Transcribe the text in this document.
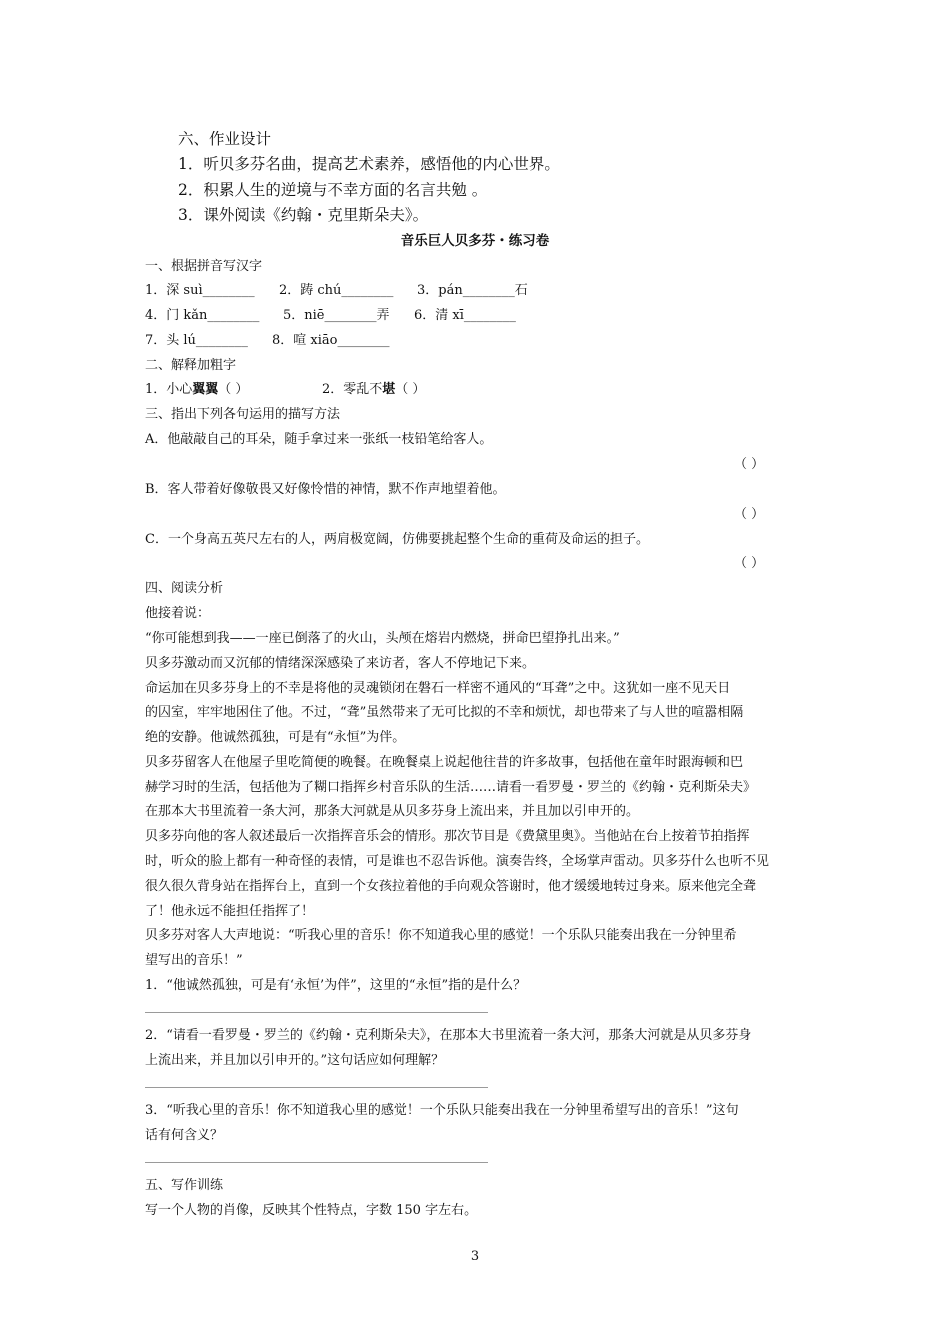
六、作业设计
1．听贝多芬名曲，提高艺术素养，感悟他的内心世界。
2．积累人生的逆境与不幸方面的名言共勉 。
3．课外阅读《约翰・克里斯朵夫》。
音乐巨人贝多芬・练习卷
一、根据拼音写汉字
1．深 suì________ 2．踌 chú________ 3．pán________石
4．门 kǎn________ 5．niē________弄 6．清 xī________
7．头 lú________ 8．喧 xiāo________
二、解释加粗字
1．小心翼翼（ ）	2．零乱不堪（ ）
三、指出下列各句运用的描写方法
A．他敲敲自己的耳朵，随手拿过来一张纸一枝铅笔给客人。
（ ）
B．客人带着好像敬畏又好像怜惜的神情，默不作声地望着他。
（ ）
C．一个身高五英尺左右的人，两肩极宽阔，仿佛要挑起整个生命的重荷及命运的担子。
（ ）
四、阅读分析
他接着说：
“你可能想到我——一座已倒落了的火山，头颅在熔岩内燃烧，拼命巴望挣扎出来。”
贝多芬激动而又沉郁的情绪深深感染了来访者，客人不停地记下来。
命运加在贝多芬身上的不幸是将他的灵魂锁闭在磐石一样密不通风的“耳聋”之中。这犹如一座不见天日
的囚室，牢牢地困住了他。不过，“聋”虽然带来了无可比拟的不幸和烦忧，却也带来了与人世的喧嚣相隔
绝的安静。他诚然孤独，可是有“永恒”为伴。
贝多芬留客人在他屋子里吃简便的晚餐。在晚餐桌上说起他往昔的许多故事，包括他在童年时跟海顿和巴
赫学习时的生活，包括他为了糊口指挥乡村音乐队的生活……请看一看罗曼・罗兰的《约翰・克利斯朵夫》
在那本大书里流着一条大河，那条大河就是从贝多芬身上流出来，并且加以引申开的。
贝多芬向他的客人叙述最后一次指挥音乐会的情形。那次节目是《费黛里奥》。当他站在台上按着节拍指挥
时，听众的脸上都有一种奇怪的表情，可是谁也不忍告诉他。演奏告终，全场掌声雷动。贝多芬什么也听不见
很久很久背身站在指挥台上，直到一个女孩拉着他的手向观众答谢时，他才缓缓地转过身来。原来他完全聋
了！他永远不能担任指挥了！
贝多芬对客人大声地说：“听我心里的音乐！你不知道我心里的感觉！一个乐队只能奏出我在一分钟里希
望写出的音乐！”
1．“他诚然孤独，可是有‘永恒’为伴”，这里的“永恒”指的是什么？
2．“请看一看罗曼・罗兰的《约翰・克利斯朵夫》，在那本大书里流着一条大河，那条大河就是从贝多芬身
上流出来，并且加以引申开的。”这句话应如何理解？
3．“听我心里的音乐！你不知道我心里的感觉！一个乐队只能奏出我在一分钟里希望写出的音乐！”这句
话有何含义？
五、写作训练
写一个人物的肖像，反映其个性特点，字数 150 字左右。
3
